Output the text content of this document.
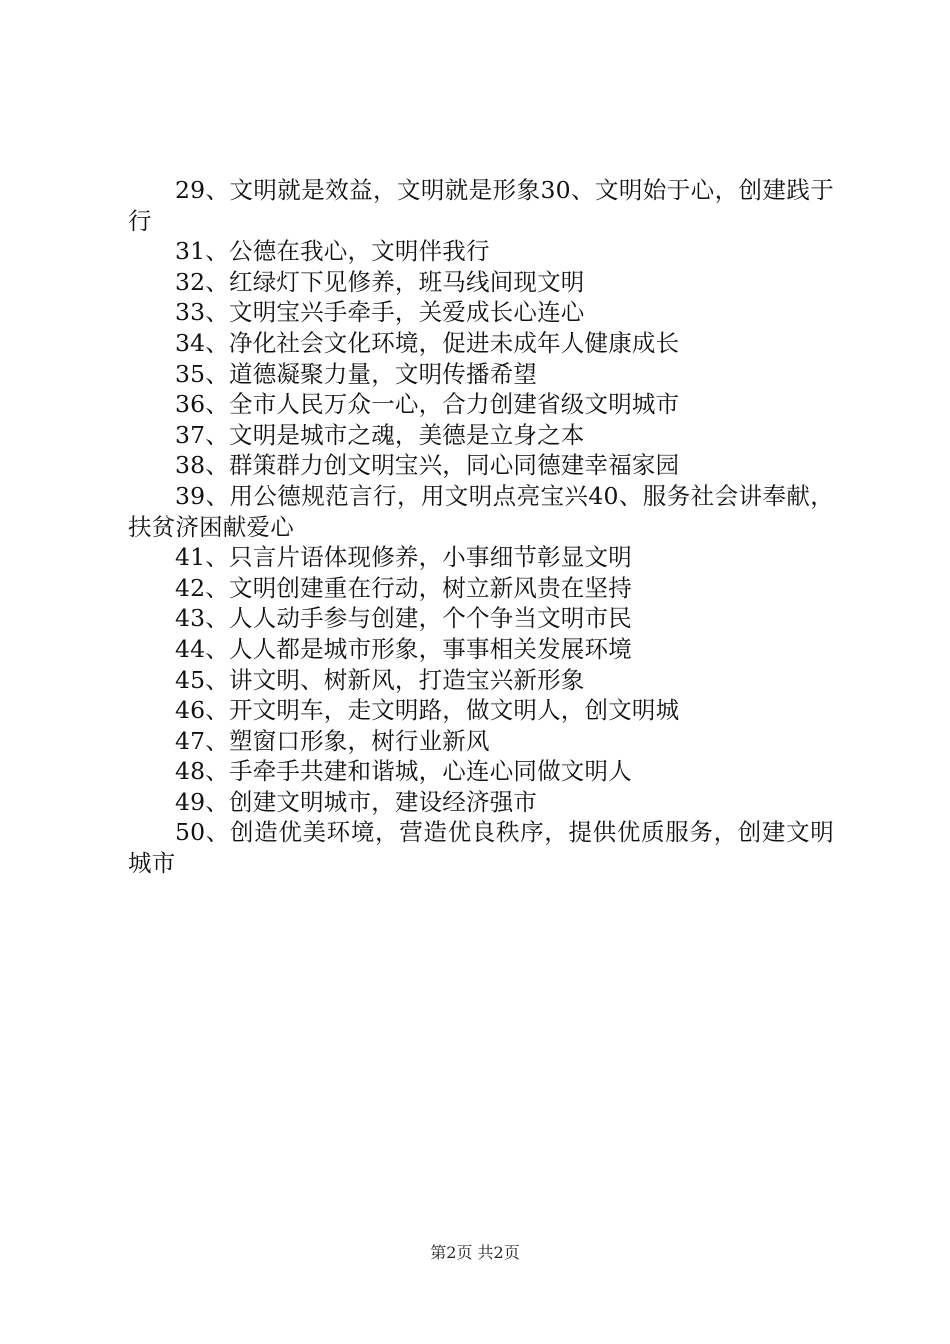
29、文明就是效益，文明就是形象30、文明始于心，创建践于行

31、公德在我心，文明伴我行

32、红绿灯下见修养，班马线间现文明

33、文明宝兴手牵手，关爱成长心连心

34、净化社会文化环境，促进未成年人健康成长

35、道德凝聚力量，文明传播希望

36、全市人民万众一心，合力创建省级文明城市

37、文明是城市之魂，美德是立身之本

38、群策群力创文明宝兴，同心同德建幸福家园

39、用公德规范言行，用文明点亮宝兴40、服务社会讲奉献，扶贫济困献爱心

41、只言片语体现修养，小事细节彰显文明

42、文明创建重在行动，树立新风贵在坚持

43、人人动手参与创建，个个争当文明市民

44、人人都是城市形象，事事相关发展环境

45、讲文明、树新风，打造宝兴新形象

46、开文明车，走文明路，做文明人，创文明城

47、塑窗口形象，树行业新风

48、手牵手共建和谐城，心连心同做文明人

49、创建文明城市，建设经济强市

50、创造优美环境，营造优良秩序，提供优质服务，创建文明城市

第2页 共2页
